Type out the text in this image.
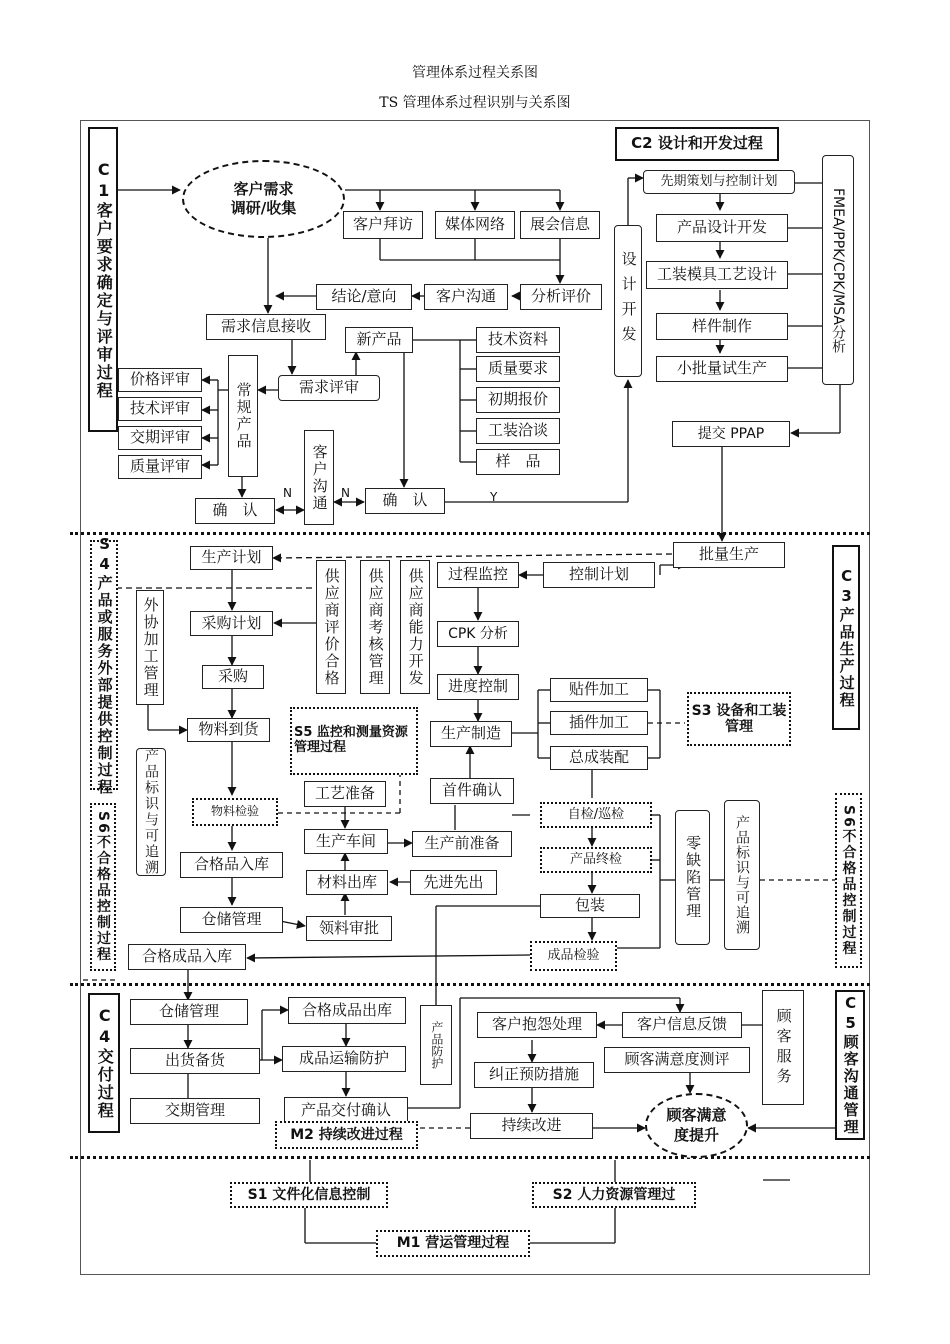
管理体系过程关系图
TS 管理体系过程识别与关系图
C1客户要求确定与评审过程	客户需求
调研/收集
客户拜访	媒体网络	展会信息
分析评价
客户沟通
结论/意向
需求信息接收
新产品
需求评审
价格评审
技术评审
交期评审
质量评审
常规产品
客户沟通
确　认
确　认
N	N	Y
技术资料
质量要求
初期报价
工装洽谈
样　品
C2 设计和开发过程
设计开发
先期策划与控制计划
产品设计开发
工装模具工艺设计
样件制作
小批量试生产
FMEA/PPK/CPK/MSA分析
提交 PPAP
C3产品生产过程
批量生产
控制计划
过程监控
CPK 分析
进度控制	贴件加工
插件加工
总成装配
生产制造
S3 设备和工装管理
首件确认
生产前准备
自检/巡检
产品终检
包装
成品检验
零缺陷管理	产品标识与可追溯	S6不合格品控制过程
S4产品或服务外部提供控制过程	生产计划
外协加工管理	采购计划
采购
物料到货
供应商评价合格	供应商考核管理	供应商能力开发
S5 监控和测量资源管理过程
S6不合格品控制过程	产品标识与可追溯	物料检验
合格品入库
仓储管理
工艺准备
生产车间
材料出库	先进先出
领料审批
合格成品入库
C4交付过程	仓储管理
出货备货
交期管理
合格成品出库
成品运输防护	产品防护
产品交付确认	C5顾客沟通管理
客户抱怨处理	客户信息反馈	顾客服务
顾客满意度测评
纠正预防措施
持续改进
顾客满意
度提升
M2 持续改进过程
S1 文件化信息控制	S2 人力资源管理过
M1 营运管理过程
